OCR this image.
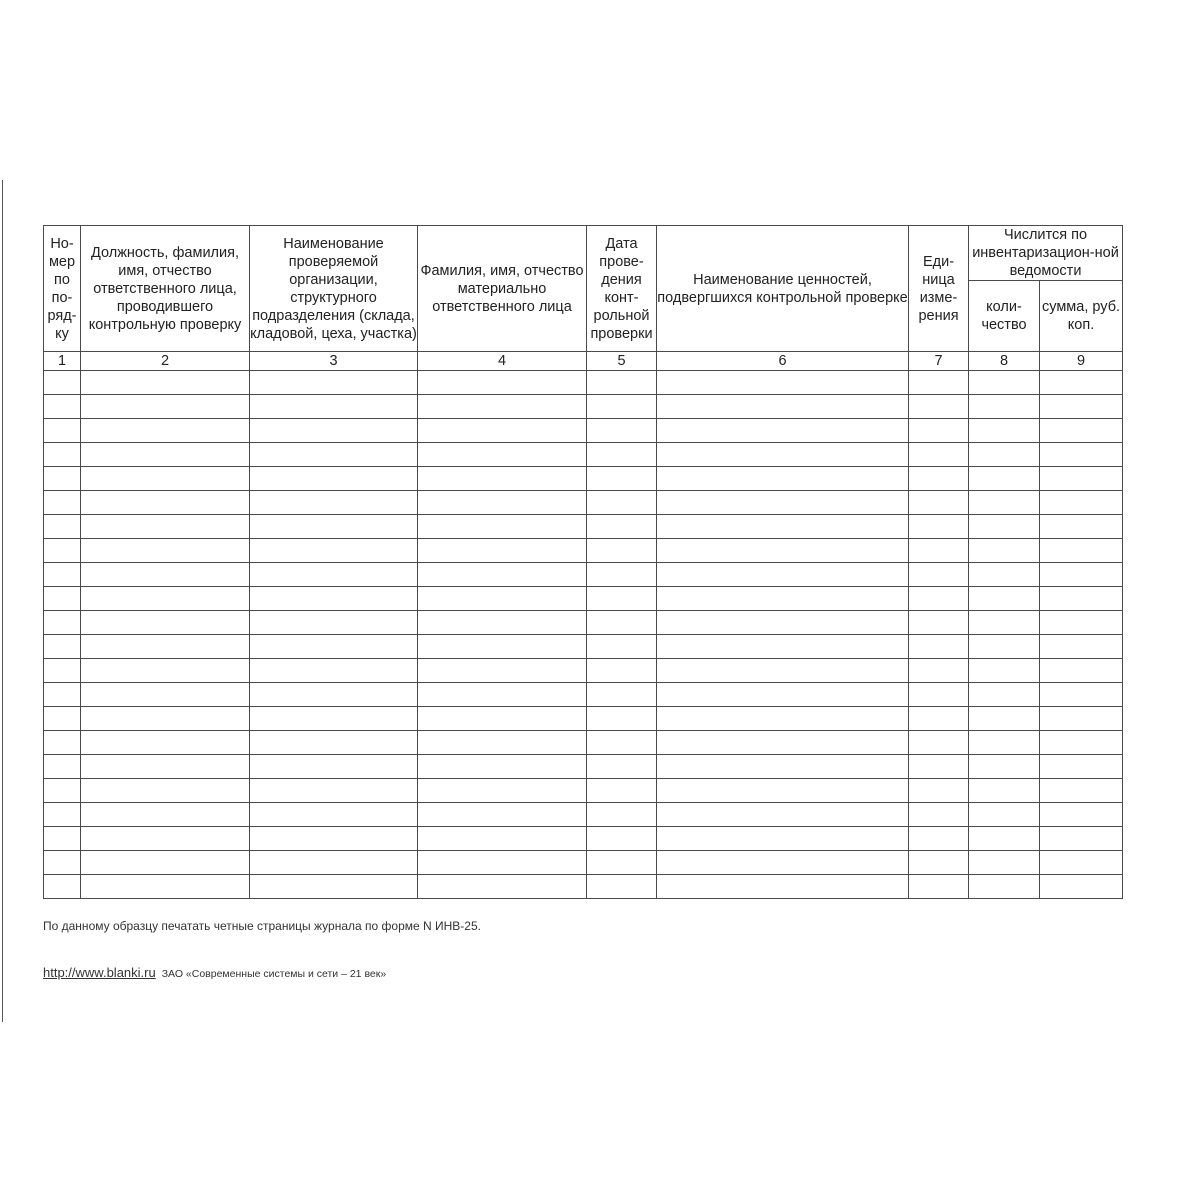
Но-мер по по-ряд-ку	Должность, фамилия, имя, отчество ответственного лица, проводившего контрольную проверку	Наименование проверяемой организации, структурного подразделения (склада, кладовой, цеха, участка)	Фамилия, имя, отчество материально ответственного лица	Дата прове-дения конт-рольной проверки	Наименование ценностей, подвергшихся контрольной проверке	Еди-ница изме-рения	Числится по инвентаризацион-ной ведомости	
							коли-чество	сумма, руб. коп.
1	2	3	4	5	6	7	8	9

По данному образцу печатать четные страницы журнала по форме N ИНВ-25.
http://www.blanki.ru ЗАО «Современные системы и сети – 21 век»
